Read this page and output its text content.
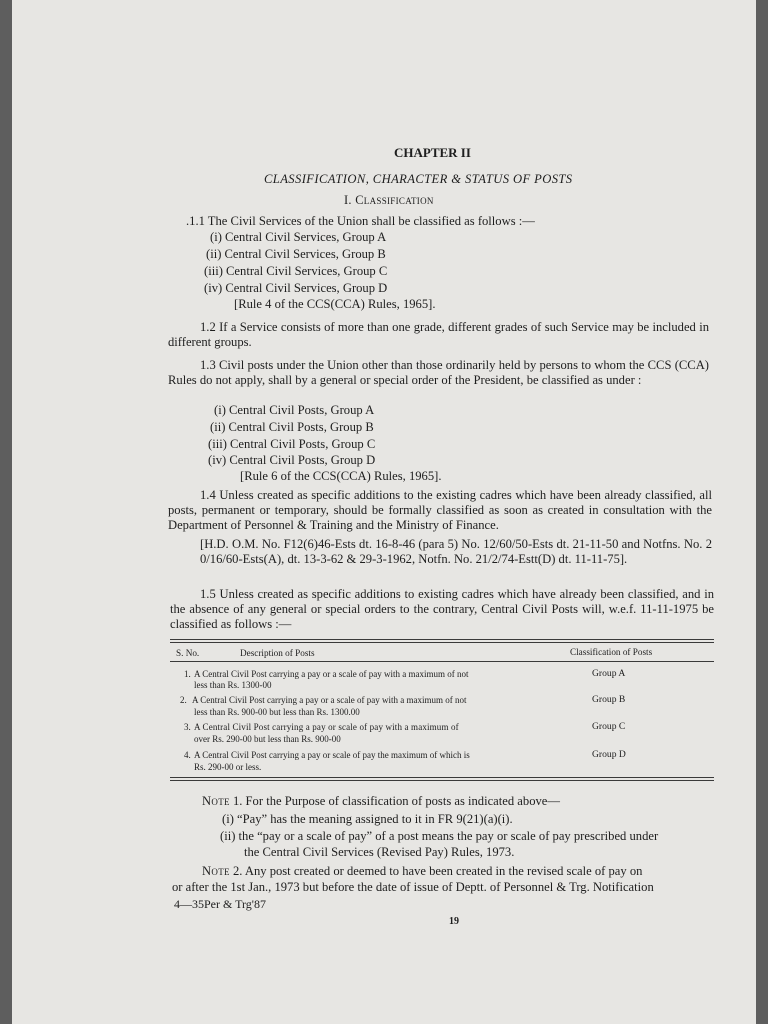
CHAPTER II
CLASSIFICATION, CHARACTER & STATUS OF POSTS
I. Classification
.1.1 The Civil Services of the Union shall be classified as follows :—
(i) Central Civil Services, Group A
(ii) Central Civil Services, Group B
(iii) Central Civil Services, Group C
(iv) Central Civil Services, Group D
[Rule 4 of the CCS(CCA) Rules, 1965].
1.2 If a Service consists of more than one grade, different grades of such Service may be included in different groups.
1.3 Civil posts under the Union other than those ordinarily held by persons to whom the CCS (CCA) Rules do not apply, shall by a general or special order of the President, be classified as under :
(i) Central Civil Posts, Group A
(ii) Central Civil Posts, Group B
(iii) Central Civil Posts, Group C
(iv) Central Civil Posts, Group D
[Rule 6 of the CCS(CCA) Rules, 1965].
1.4 Unless created as specific additions to the existing cadres which have been already classified, all posts, permanent or temporary, should be formally classified as soon as created in consultation with the Department of Personnel & Training and the Ministry of Finance.
[H.D. O.M. No. F12(6)46-Ests dt. 16-8-46 (para 5) No. 12/60/50-Ests dt. 21-11-50 and Notfns. No. 2 0/16/60-Ests(A), dt. 13-3-62 & 29-3-1962, Notfn. No. 21/2/74-Estt(D) dt. 11-11-75].
1.5 Unless created as specific additions to existing cadres which have already been classified, and in the absence of any general or special orders to the contrary, Central Civil Posts will, w.e.f. 11-11-1975 be classified as follows :—
S. No.	Description of Posts	Classification of Posts
1. A Central Civil Post carrying a pay or a scale of pay with a maximum of not
less than Rs. 1300-00
Group A
2. A Central Civil Post carrying a pay or a scale of pay with a maximum of not
less than Rs. 900-00 but less than Rs. 1300.00
Group B
3. A Central Civil Post carrying a pay or scale of pay with a maximum of
over Rs. 290-00 but less than Rs. 900-00
Group C
4. A Central Civil Post carrying a pay or scale of pay the maximum of which is
Rs. 290-00 or less.
Group D
Note 1. For the Purpose of classification of posts as indicated above—
(i) “Pay” has the meaning assigned to it in FR 9(21)(a)(i).
(ii) the “pay or a scale of pay” of a post means the pay or scale of pay prescribed under
the Central Civil Services (Revised Pay) Rules, 1973.
Note 2. Any post created or deemed to have been created in the revised scale of pay on
or after the 1st Jan., 1973 but before the date of issue of Deptt. of Personnel & Trg. Notification
4—35Per & Trg'87
19
